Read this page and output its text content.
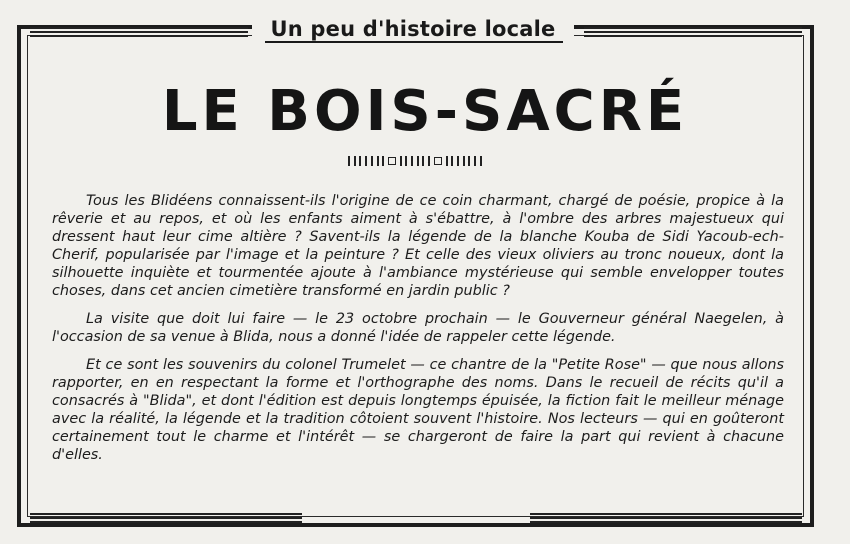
Un peu d'histoire locale
LE BOIS-SACRÉ

Tous les Blidéens connaissent-ils l'origine de ce coin charmant, chargé de poésie, propice à la rêverie et au repos, et où les enfants aiment à s'ébattre, à l'ombre des arbres majestueux qui dressent haut leur cime altière ? Savent-ils la légende de la blanche Kouba de Sidi Yacoub-ech-Cherif, popularisée par l'image et la peinture ? Et celle des vieux oliviers au tronc noueux, dont la silhouette inquiète et tourmentée ajoute à l'ambiance mystérieuse qui semble envelopper toutes choses, dans cet ancien cimetière transformé en jardin public ?

La visite que doit lui faire — le 23 octobre prochain — le Gouverneur général Naegelen, à l'occasion de sa venue à Blida, nous a donné l'idée de rappeler cette légende.

Et ce sont les souvenirs du colonel Trumelet — ce chantre de la "Petite Rose" — que nous allons rapporter, en en respectant la forme et l'orthographe des noms. Dans le recueil de récits qu'il a consacrés à "Blida", et dont l'édition est depuis longtemps épuisée, la fiction fait le meilleur ménage avec la réalité, la légende et la tradition côtoient souvent l'histoire. Nos lecteurs — qui en goûteront certainement tout le charme et l'intérêt — se chargeront de faire la part qui revient à chacune d'elles.
